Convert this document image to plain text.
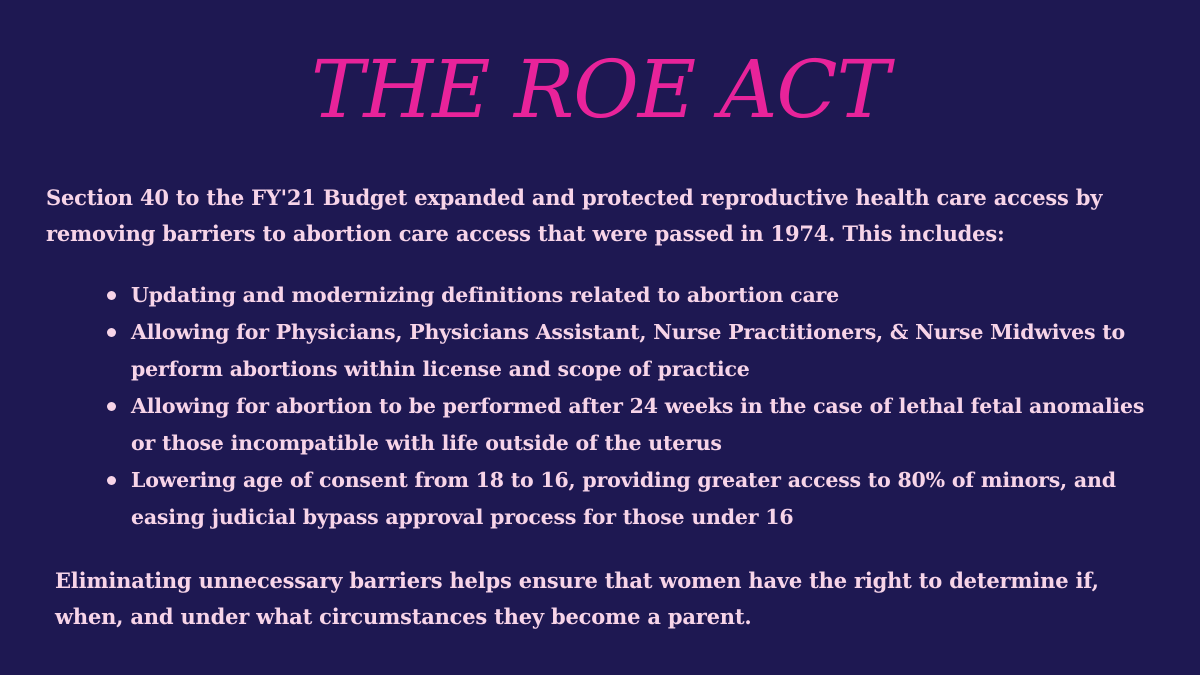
THE ROE ACT

Section 40 to the FY'21 Budget expanded and protected reproductive health care access by removing barriers to abortion care access that were passed in 1974. This includes:

Updating and modernizing definitions related to abortion care
Allowing for Physicians, Physicians Assistant, Nurse Practitioners, & Nurse Midwives to perform abortions within license and scope of practice
Allowing for abortion to be performed after 24 weeks in the case of lethal fetal anomalies or those incompatible with life outside of the uterus
Lowering age of consent from 18 to 16, providing greater access to 80% of minors, and easing judicial bypass approval process for those under 16

Eliminating unnecessary barriers helps ensure that women have the right to determine if, when, and under what circumstances they become a parent.
